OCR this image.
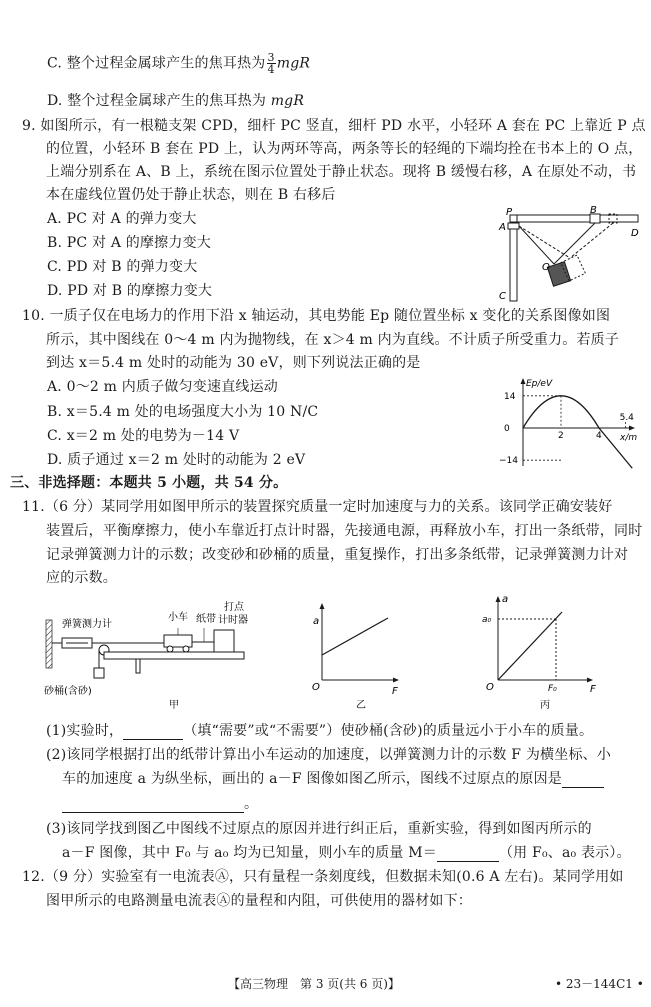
C. 整个过程金属球产生的焦耳热为 $\frac{3}{4}$ mgR
D. 整个过程金属球产生的焦耳热为 mgR
9. 如图所示，有一根糙支架 CPD，细杆 PC 竖直，细杆 PD 水平，小轻环 A 套在 PC 上靠近 P 点
的位置，小轻环 B 套在 PD 上，认为两环等高，两条等长的轻绳的下端均拴在书本上的 O 点，
上端分别系在 A、B 上，系统在图示位置处于静止状态。现将 B 缓慢右移，A 在原处不动，书
本在虚线位置仍处于静止状态，则在 B 右移后
A. PC 对 A 的弹力变大
B. PC 对 A 的摩擦力变大
C. PD 对 B 的弹力变大
D. PD 对 B 的摩擦力变大
P
A
B
C
D
O
10. 一质子仅在电场力的作用下沿 x 轴运动，其电势能 Ep 随位置坐标 x 变化的关系图像如图
所示，其中图线在 0～4 m 内为抛物线，在 x＞4 m 内为直线。不计质子所受重力。若质子
到达 x＝5.4 m 处时的动能为 30 eV，则下列说法正确的是
A. 0～2 m 内质子做匀变速直线运动
B. x＝5.4 m 处的电场强度大小为 10 N/C
C. x＝2 m 处的电势为－14 V
D. 质子通过 x＝2 m 处时的动能为 2 eV
Ep/eV
x/m
14
0
−14
2	4
5.4
三、非选择题：本题共 5 小题，共 54 分。
11.（6 分）某同学用如图甲所示的装置探究质量一定时加速度与力的关系。该同学正确安装好
装置后，平衡摩擦力，使小车靠近打点计时器，先接通电源，再释放小车，打出一条纸带，同时
记录弹簧测力计的示数；改变砂和砂桶的质量，重复操作，打出多条纸带，记录弹簧测力计对
应的示数。
弹簧测力计
小车 纸带
打点
计时器
砂桶(含砂)
甲
a
O	F
乙
a
a₀
O	F₀	F
丙
(1)实验时，	（填“需要”或“不需要”）使砂桶(含砂)的质量远小于小车的质量。
(2)该同学根据打出的纸带计算出小车运动的加速度，以弹簧测力计的示数 F 为横坐标、小
车的加速度 a 为纵坐标，画出的 a－F 图像如图乙所示，图线不过原点的原因是
。
(3)该同学找到图乙中图线不过原点的原因并进行纠正后，重新实验，得到如图丙所示的
a－F 图像，其中 F₀ 与 a₀ 均为已知量，则小车的质量 M＝	（用 F₀、a₀ 表示）。
12.（9 分）实验室有一电流表Ⓐ，只有量程一条刻度线，但数据未知(0.6 A 左右)。某同学用如
图甲所示的电路测量电流表Ⓐ的量程和内阻，可供使用的器材如下：
【高三物理　第 3 页(共 6 页)】	• 23－144C1 •
